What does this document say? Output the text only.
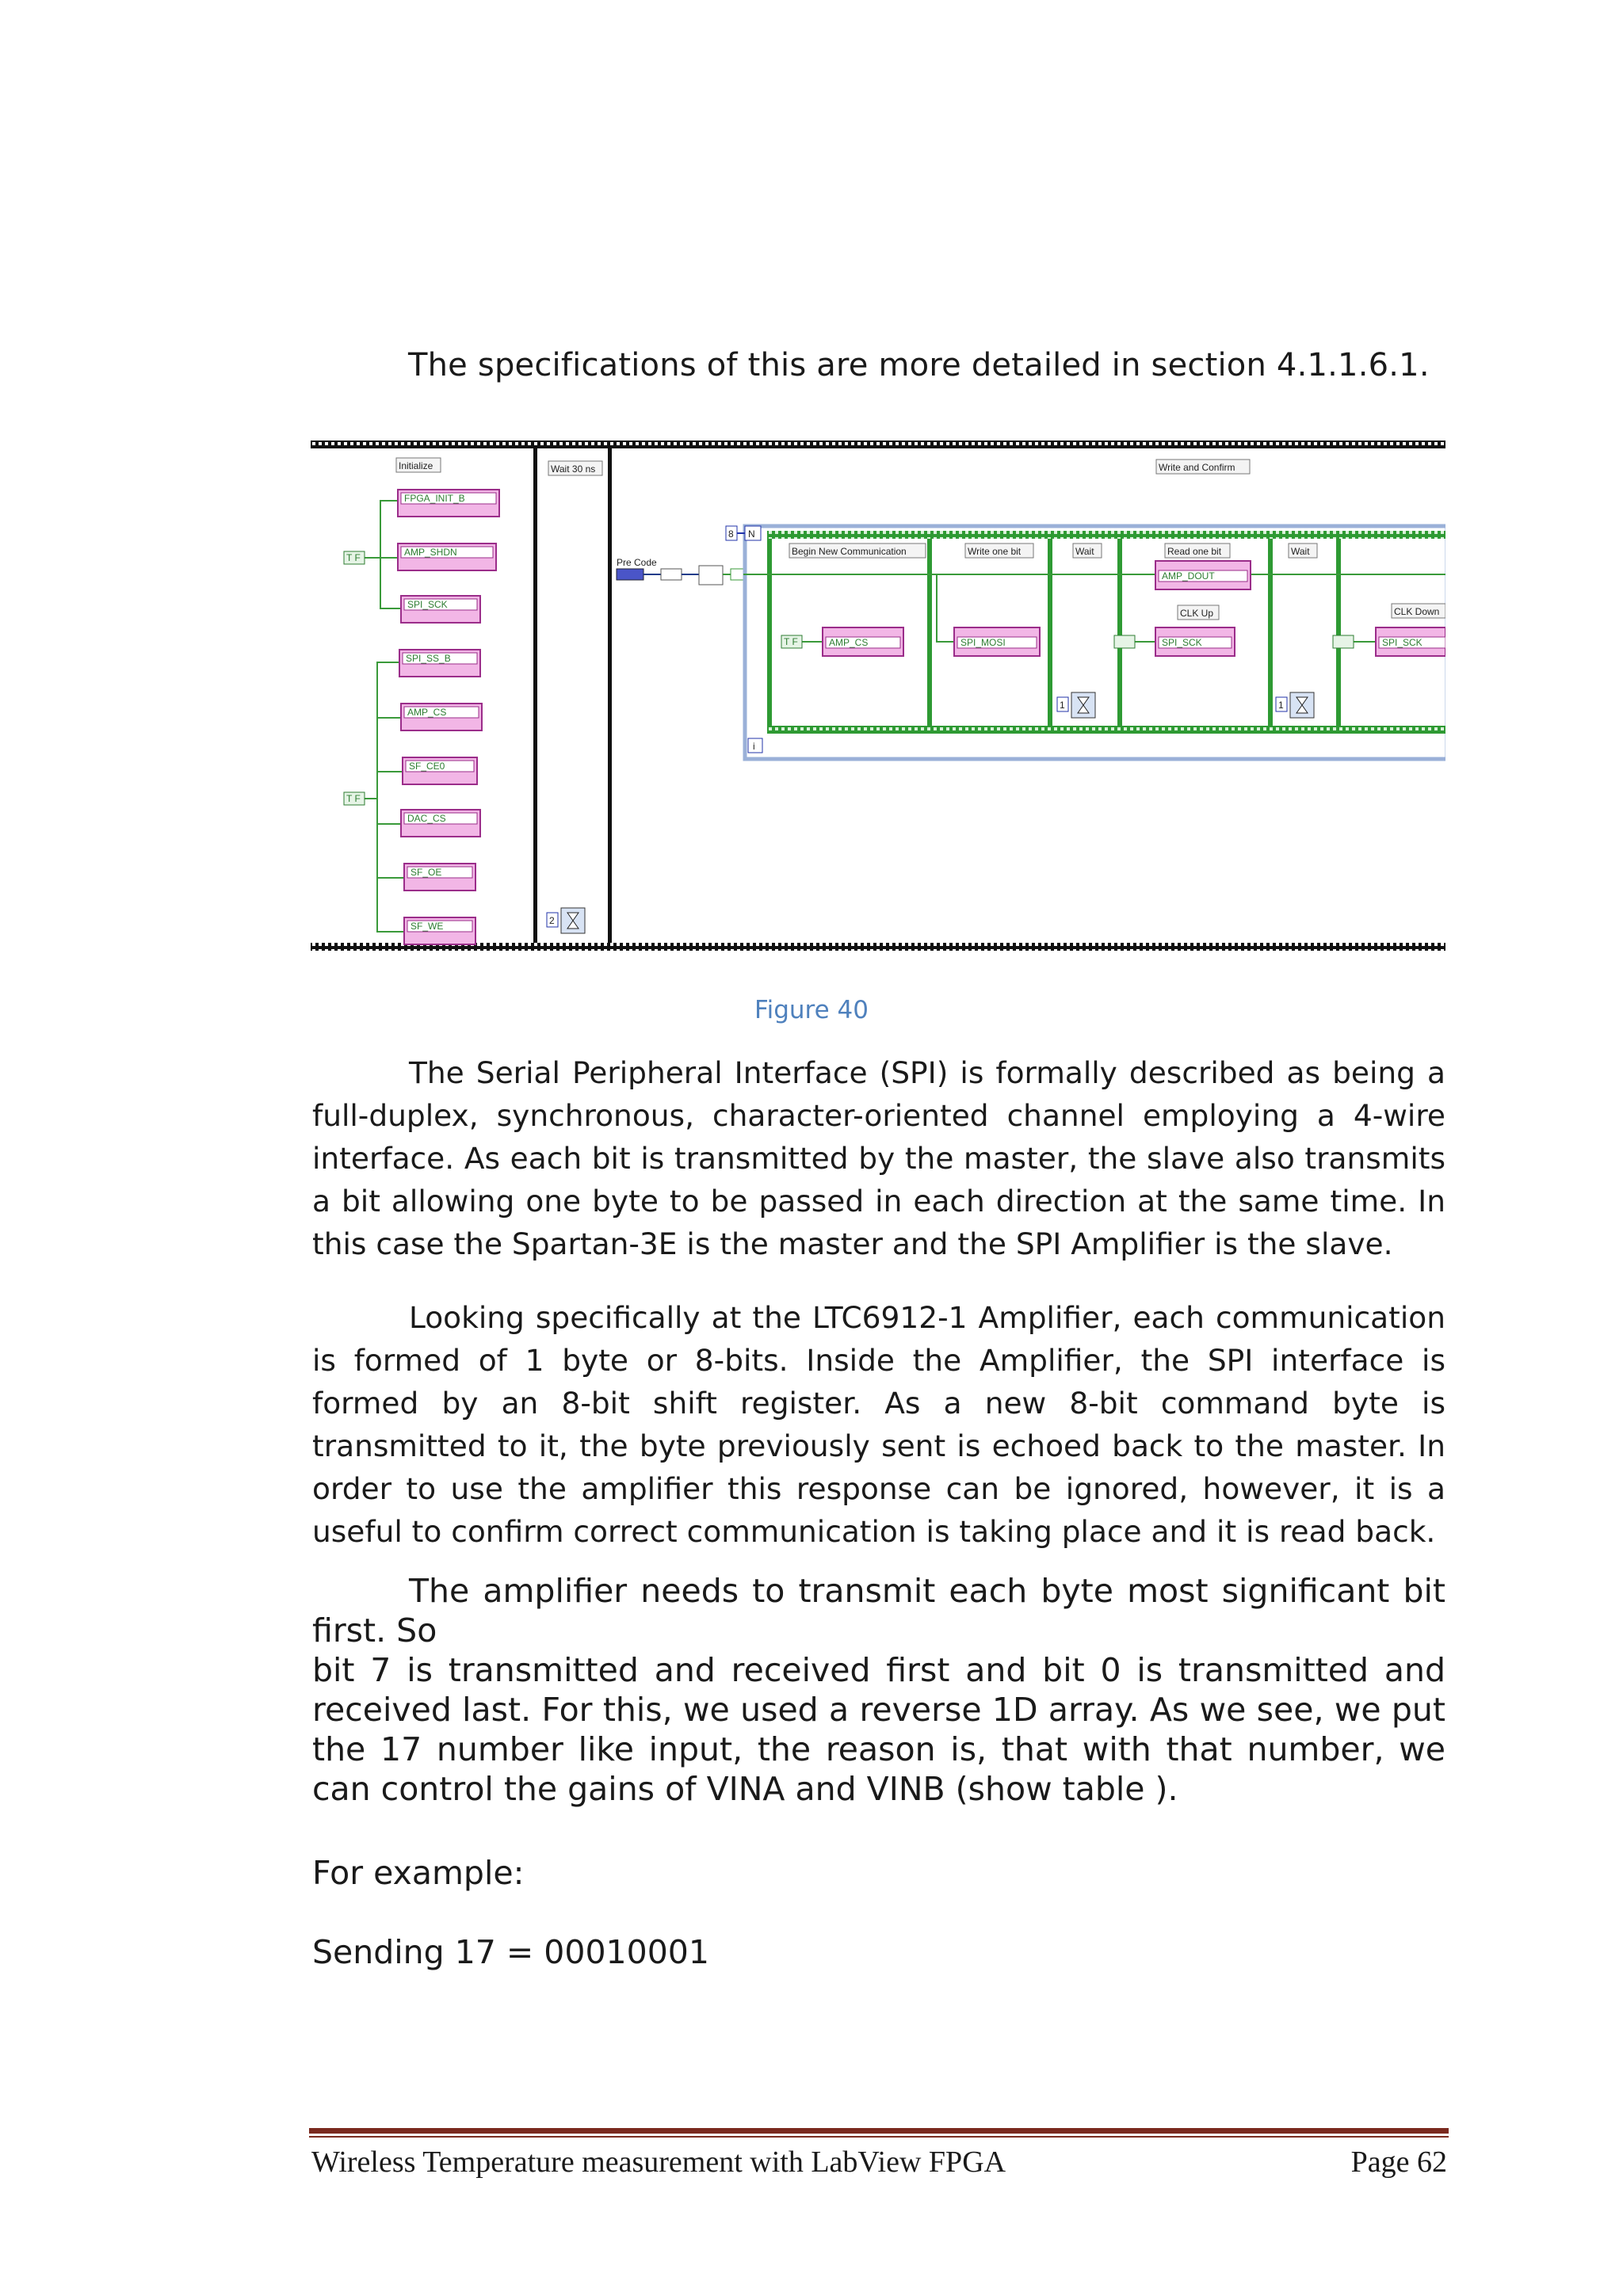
The specifications of this are more detailed in section 4.1.1.6.1.
Initialize	Wait 30 ns	Write and Confirm
T F
T F
FPGA_INIT_B
AMP_SHDN
SPI_SCK
SPI_SS_B
AMP_CS
SF_CE0
DAC_CS
SF_OE
SF_WE	2
Pre Code
8 N
i
Begin New Communication	Write one bit	Wait	Read one bit	Wait
T F	AMP_CS	SPI_MOSI
AMP_DOUT
CLK Up
SPI_SCK
CLK Down
SPI_SCK
1	1
Figure 40
The Serial Peripheral Interface (SPI) is formally described as being a full-duplex, synchronous, character-oriented channel employing a 4-wire interface. As each bit is transmitted by the master, the slave also transmits a bit allowing one byte to be passed in each direction at the same time. In this case the Spartan-3E is the master and the SPI Amplifier is the slave.
Looking specifically at the LTC6912-1 Amplifier, each communication is formed of 1 byte or 8-bits. Inside the Amplifier, the SPI interface is formed by an 8-bit shift register. As a new 8-bit command byte is transmitted to it, the byte previously sent is echoed back to the master. In order to use the amplifier this response can be ignored, however, it is a useful to confirm correct communication is taking place and it is read back.
The amplifier needs to transmit each byte most significant bit first. So
bit 7 is transmitted and received first and bit 0 is transmitted and received last. For this, we used a reverse 1D array. As we see, we put the 17 number like input, the reason is, that with that number, we can control the gains of VINA and VINB (show table ).
For example:
Sending 17 = 00010001
Wireless Temperature measurement with LabView FPGA	Page 62
